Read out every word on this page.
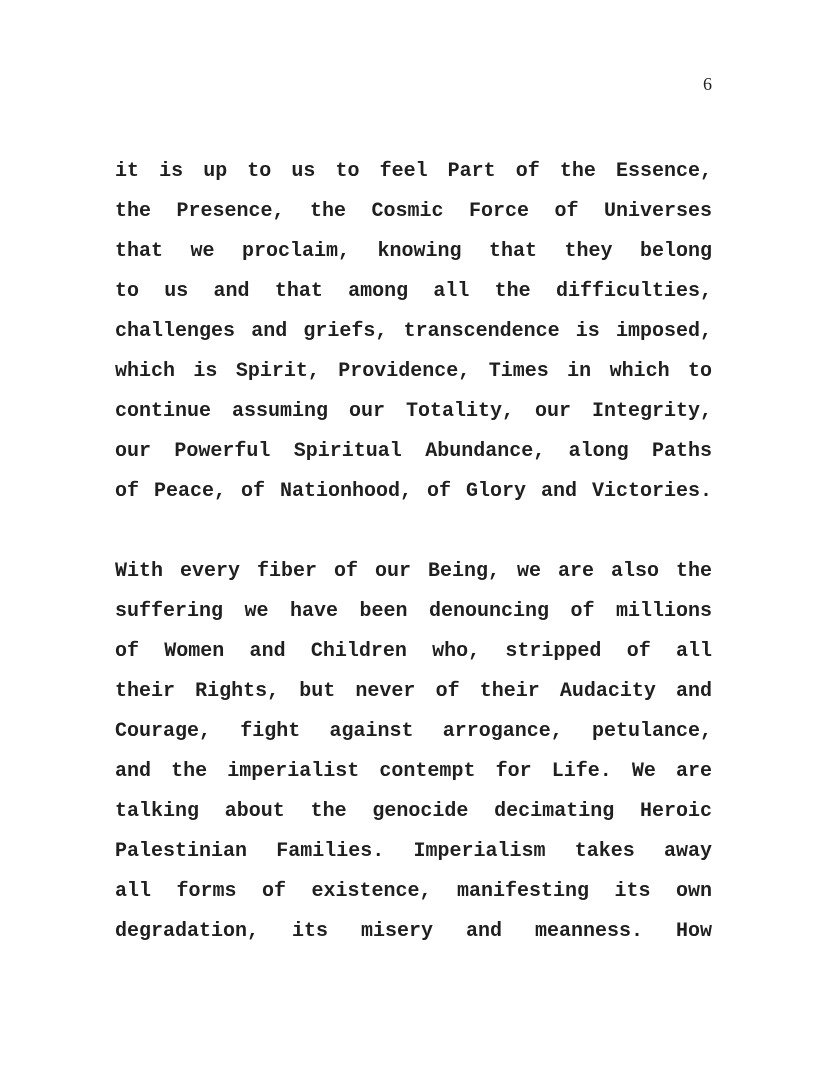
6
it is up to us to feel Part of the Essence,
the Presence, the Cosmic Force of Universes
that we proclaim, knowing that they belong
to us and that among all the difficulties,
challenges and griefs, transcendence is imposed,
which is Spirit, Providence, Times in which to
continue assuming our Totality, our Integrity,
our Powerful Spiritual Abundance, along Paths
of Peace, of Nationhood, of Glory and Victories.
With every fiber of our Being, we are also the
suffering we have been denouncing of millions
of Women and Children who, stripped of all
their Rights, but never of their Audacity and
Courage, fight against arrogance, petulance,
and the imperialist contempt for Life. We are
talking about the genocide decimating Heroic
Palestinian Families. Imperialism takes away
all forms of existence, manifesting its own
degradation, its misery and meanness. How
